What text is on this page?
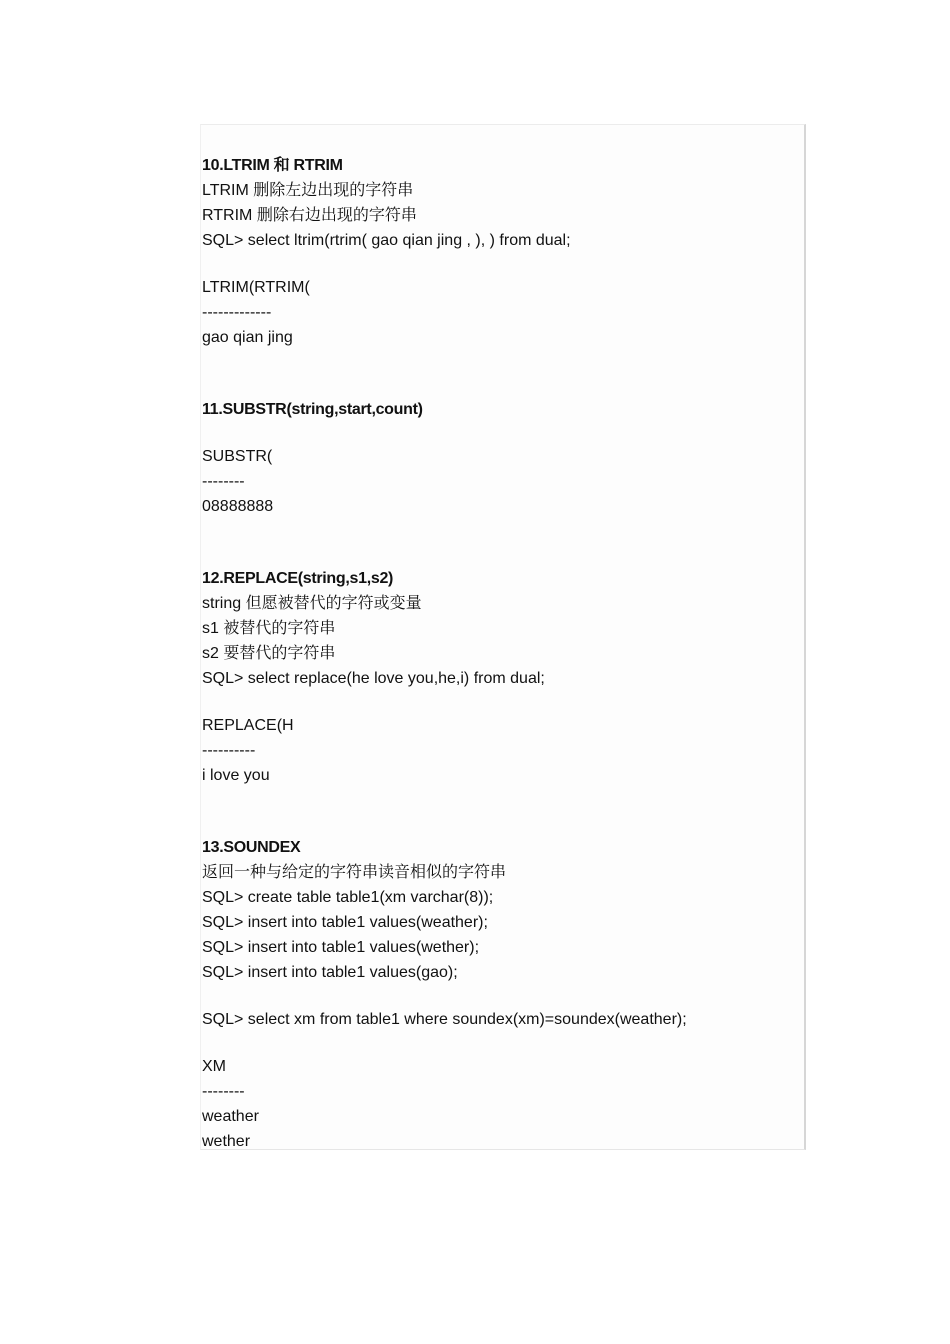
10.LTRIM 和 RTRIM
LTRIM 删除左边出现的字符串
RTRIM 删除右边出现的字符串
SQL> select ltrim(rtrim( gao qian jing , ), ) from dual;
LTRIM(RTRIM(
-------------
gao qian jing
11.SUBSTR(string,start,count)
SUBSTR(
--------
08888888
12.REPLACE(string,s1,s2)
string 但愿被替代的字符或变量
s1 被替代的字符串
s2 要替代的字符串
SQL> select replace(he love you,he,i) from dual;
REPLACE(H
----------
i love you
13.SOUNDEX
返回一种与给定的字符串读音相似的字符串
SQL> create table table1(xm varchar(8));
SQL> insert into table1 values(weather);
SQL> insert into table1 values(wether);
SQL> insert into table1 values(gao);
SQL> select xm from table1 where soundex(xm)=soundex(weather);
XM
--------
weather
wether
